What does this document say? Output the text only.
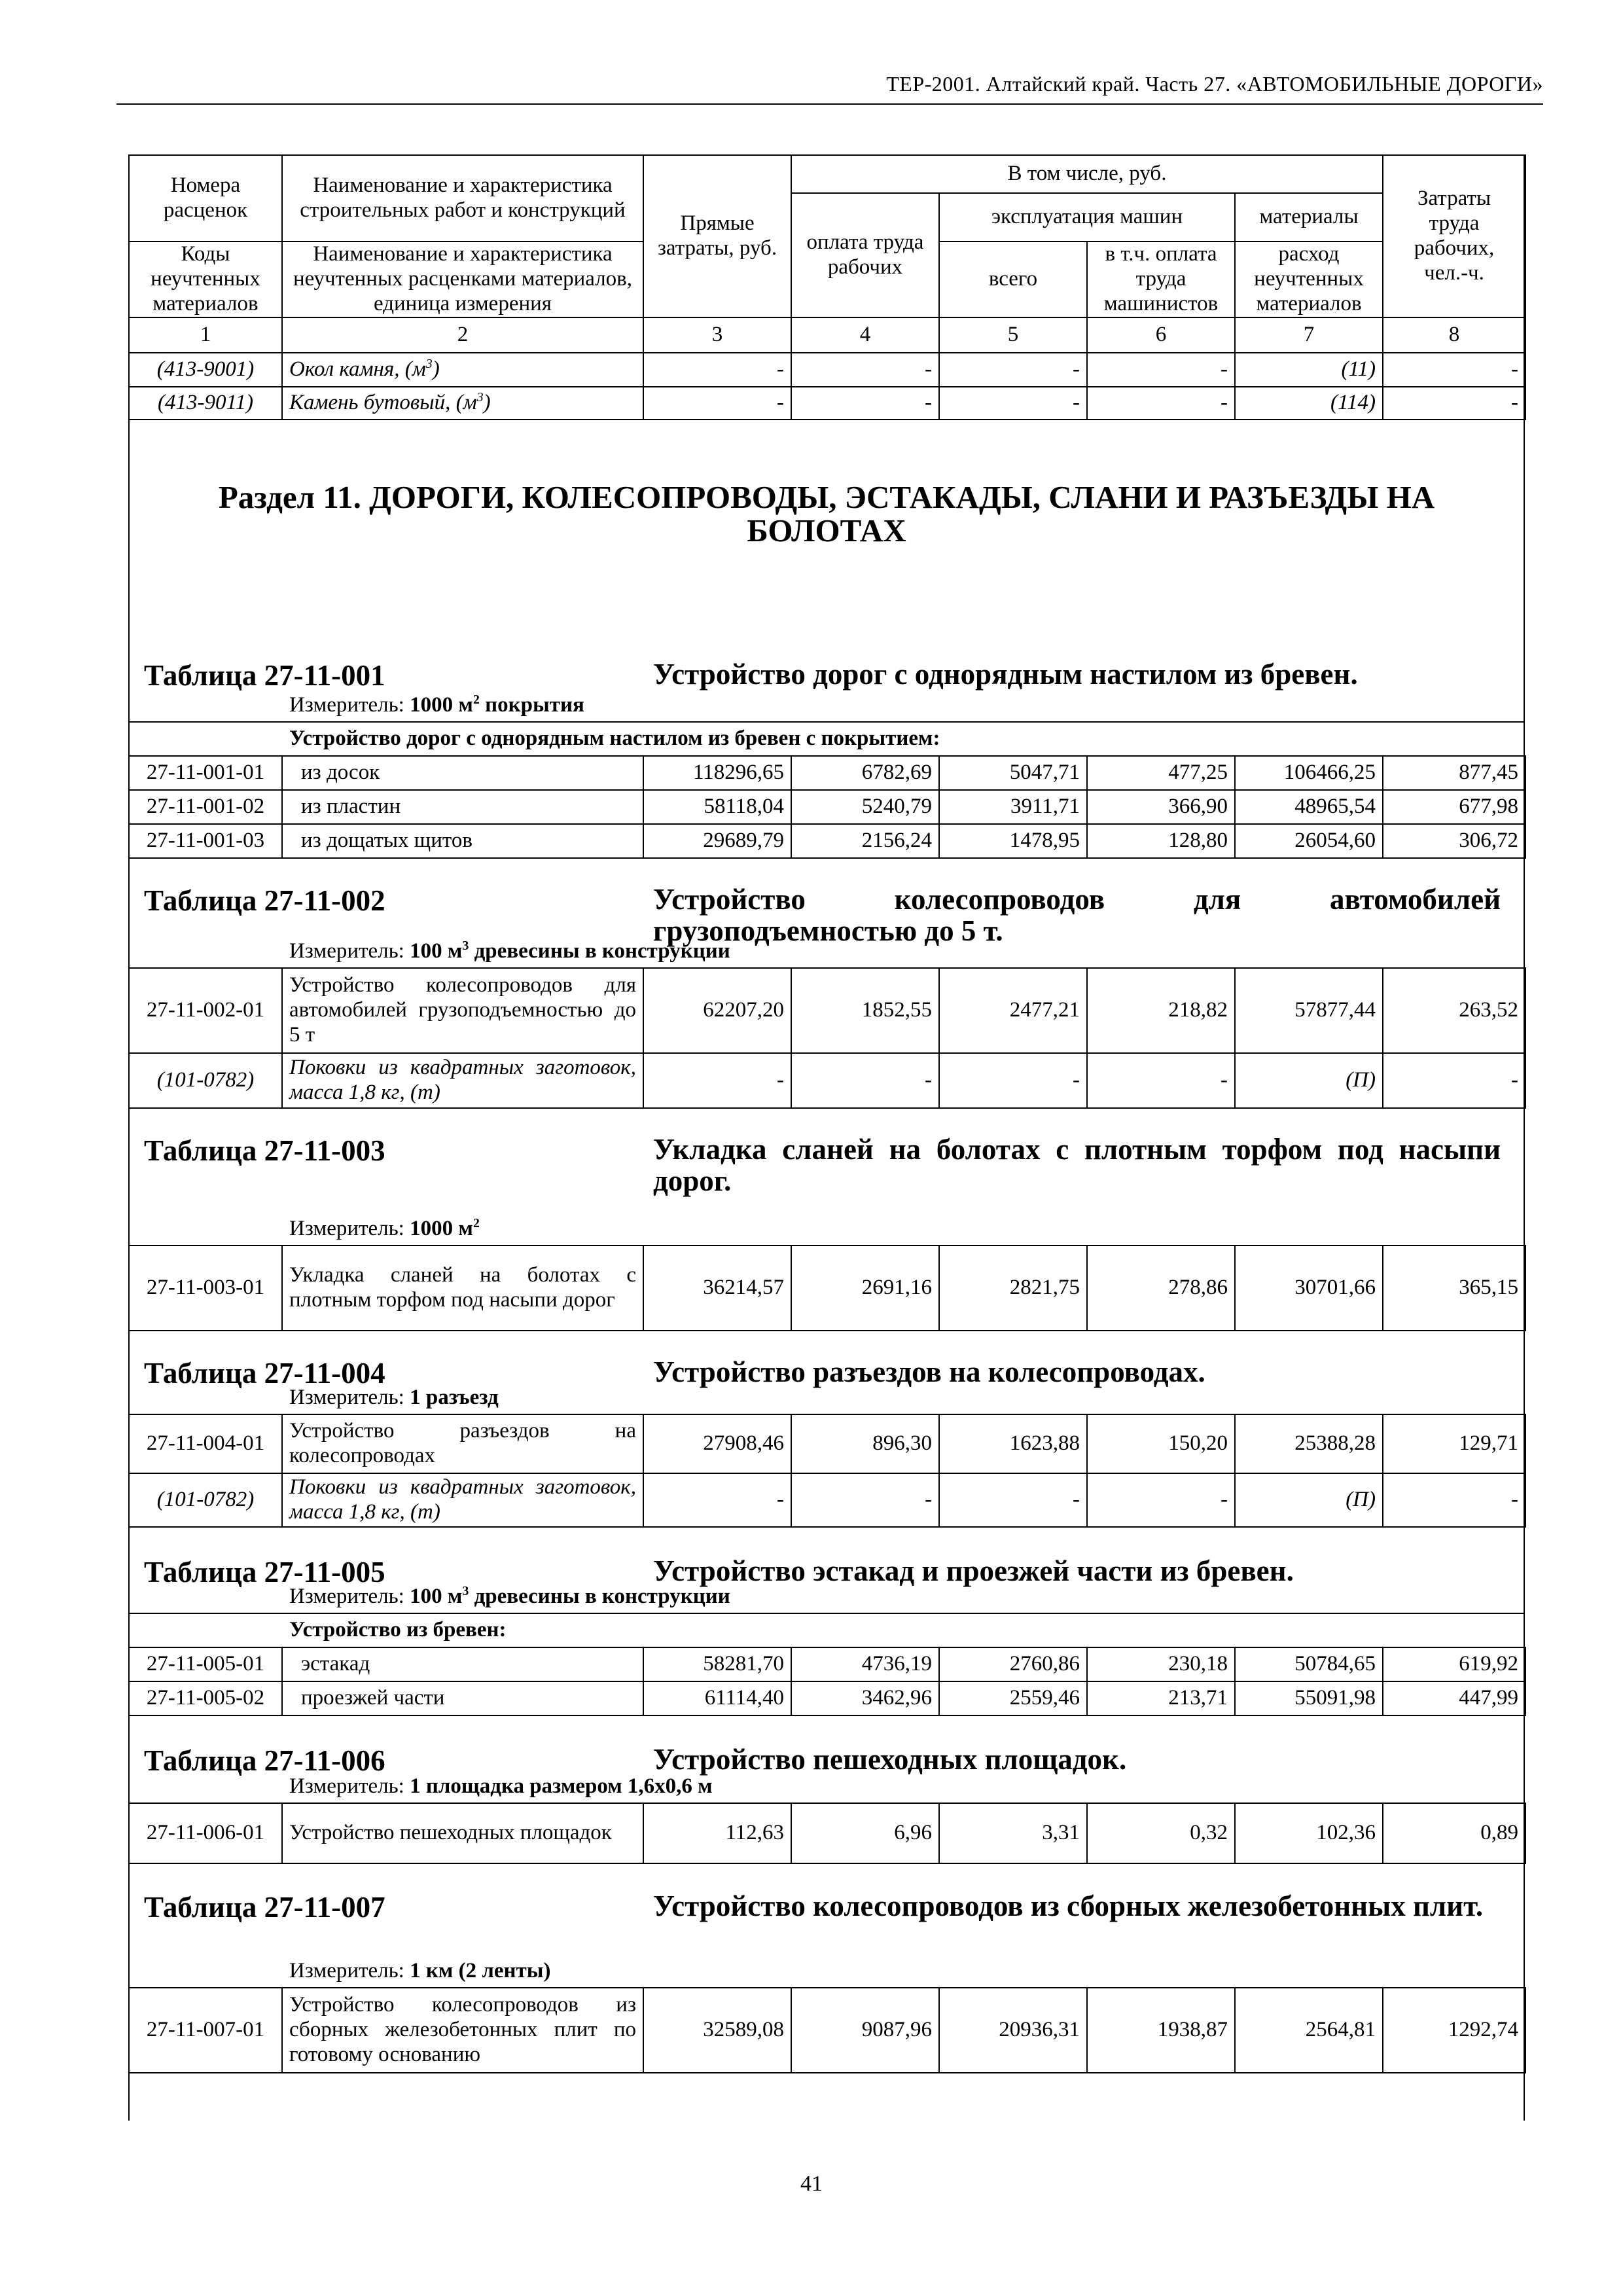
ТЕР-2001. Алтайский край. Часть 27. «АВТОМОБИЛЬНЫЕ ДОРОГИ»
Номера расценок	Наименование и характеристика строительных работ и конструкций	Прямые затраты, руб.	В том числе, руб.				Затраты труда рабочих, чел.-ч.
			оплата труда рабочих	эксплуатация машин		материалы	
Коды неучтенных материалов	Наименование и характеристика неучтенных расценками материалов, единица измерения			всего	в т.ч. оплата труда машинистов	расход неучтенных материалов	
1	2	3	4	5	6	7	8
(413-9001)	Окол камня, $(м^3)$	-	-	-	-	(11)	-
(413-9011)	Камень бутовый, $(м^3)$	-	-	-	-	(114)	-
Раздел 11. ДОРОГИ, КОЛЕСОПРОВОДЫ, ЭСТАКАДЫ, СЛАНИ И РАЗЪЕЗДЫ НА
БОЛОТАХ
Таблица 27-11-001	Устройство дорог с однорядным настилом из бревен.
Измеритель: 1000 $м^2$ покрытия
Устройство дорог с однорядным настилом из бревен с покрытием:
27-11-001-01	из досок	118296,65	6782,69	5047,71	477,25	106466,25	877,45
27-11-001-02	из пластин	58118,04	5240,79	3911,71	366,90	48965,54	677,98
27-11-001-03	из дощатых щитов	29689,79	2156,24	1478,95	128,80	26054,60	306,72
Таблица 27-11-002	Устройство колесопроводов для автомобилей грузоподъемностью до 5 т.
Измеритель: 100 $м^3$ древесины в конструкции
27-11-002-01	Устройство колесопроводов для автомобилей грузоподъемностью до 5 т	62207,20	1852,55	2477,21	218,82	57877,44	263,52
(101-0782)	Поковки из квадратных заготовок, масса 1,8 кг, (т)	-	-	-	-	(П)	-
Таблица 27-11-003	Укладка сланей на болотах с плотным торфом под насыпи дорог.
Измеритель: 1000 $м^2$
27-11-003-01	Укладка сланей на болотах с плотным торфом под насыпи дорог	36214,57	2691,16	2821,75	278,86	30701,66	365,15
Таблица 27-11-004	Устройство разъездов на колесопроводах.
Измеритель: 1 разъезд
27-11-004-01	Устройство разъездов на колесопроводах	27908,46	896,30	1623,88	150,20	25388,28	129,71
(101-0782)	Поковки из квадратных заготовок, масса 1,8 кг, (т)	-	-	-	-	(П)	-
Таблица 27-11-005	Устройство эстакад и проезжей части из бревен.
Измеритель: 100 $м^3$ древесины в конструкции
Устройство из бревен:
27-11-005-01	эстакад	58281,70	4736,19	2760,86	230,18	50784,65	619,92
27-11-005-02	проезжей части	61114,40	3462,96	2559,46	213,71	55091,98	447,99
Таблица 27-11-006	Устройство пешеходных площадок.
Измеритель: 1 площадка размером 1,6х0,6 м
27-11-006-01	Устройство пешеходных площадок	112,63	6,96	3,31	0,32	102,36	0,89
Таблица 27-11-007	Устройство колесопроводов из сборных железобетонных плит.
Измеритель: 1 км (2 ленты)
27-11-007-01	Устройство колесопроводов из сборных железобетонных плит по готовому основанию	32589,08	9087,96	20936,31	1938,87	2564,81	1292,74
41
